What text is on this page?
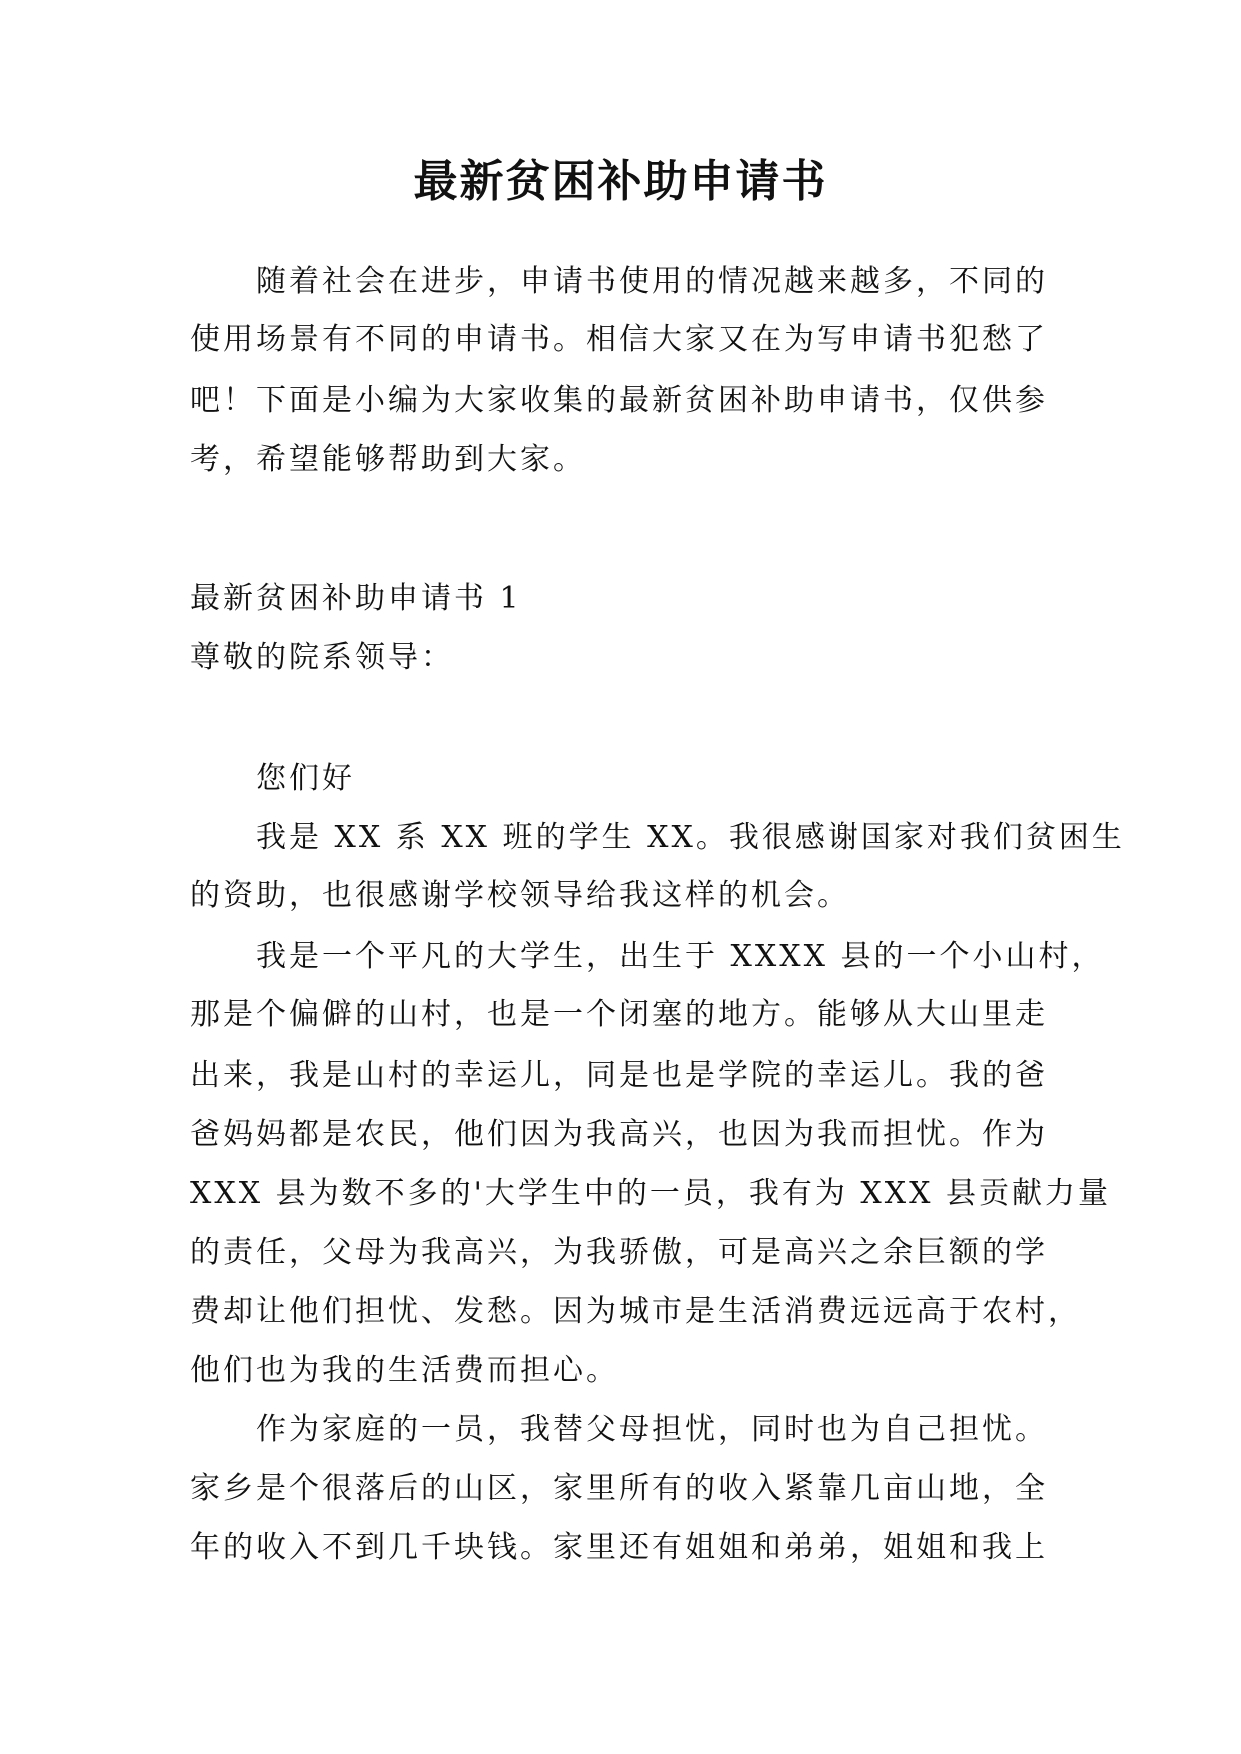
最新贫困补助申请书

随着社会在进步，申请书使用的情况越来越多，不同的

使用场景有不同的申请书。相信大家又在为写申请书犯愁了

吧！下面是小编为大家收集的最新贫困补助申请书，仅供参

考，希望能够帮助到大家。

最新贫困补助申请书 1

尊敬的院系领导：

您们好

我是 XX 系 XX 班的学生 XX。我很感谢国家对我们贫困生

的资助，也很感谢学校领导给我这样的机会。

我是一个平凡的大学生，出生于 XXXX 县的一个小山村，

那是个偏僻的山村，也是一个闭塞的地方。能够从大山里走

出来，我是山村的幸运儿，同是也是学院的幸运儿。我的爸

爸妈妈都是农民，他们因为我高兴，也因为我而担忧。作为

XXX 县为数不多的'大学生中的一员，我有为 XXX 县贡献力量

的责任，父母为我高兴，为我骄傲，可是高兴之余巨额的学

费却让他们担忧、发愁。因为城市是生活消费远远高于农村，

他们也为我的生活费而担心。

作为家庭的一员，我替父母担忧，同时也为自己担忧。

家乡是个很落后的山区，家里所有的收入紧靠几亩山地，全

年的收入不到几千块钱。家里还有姐姐和弟弟，姐姐和我上
